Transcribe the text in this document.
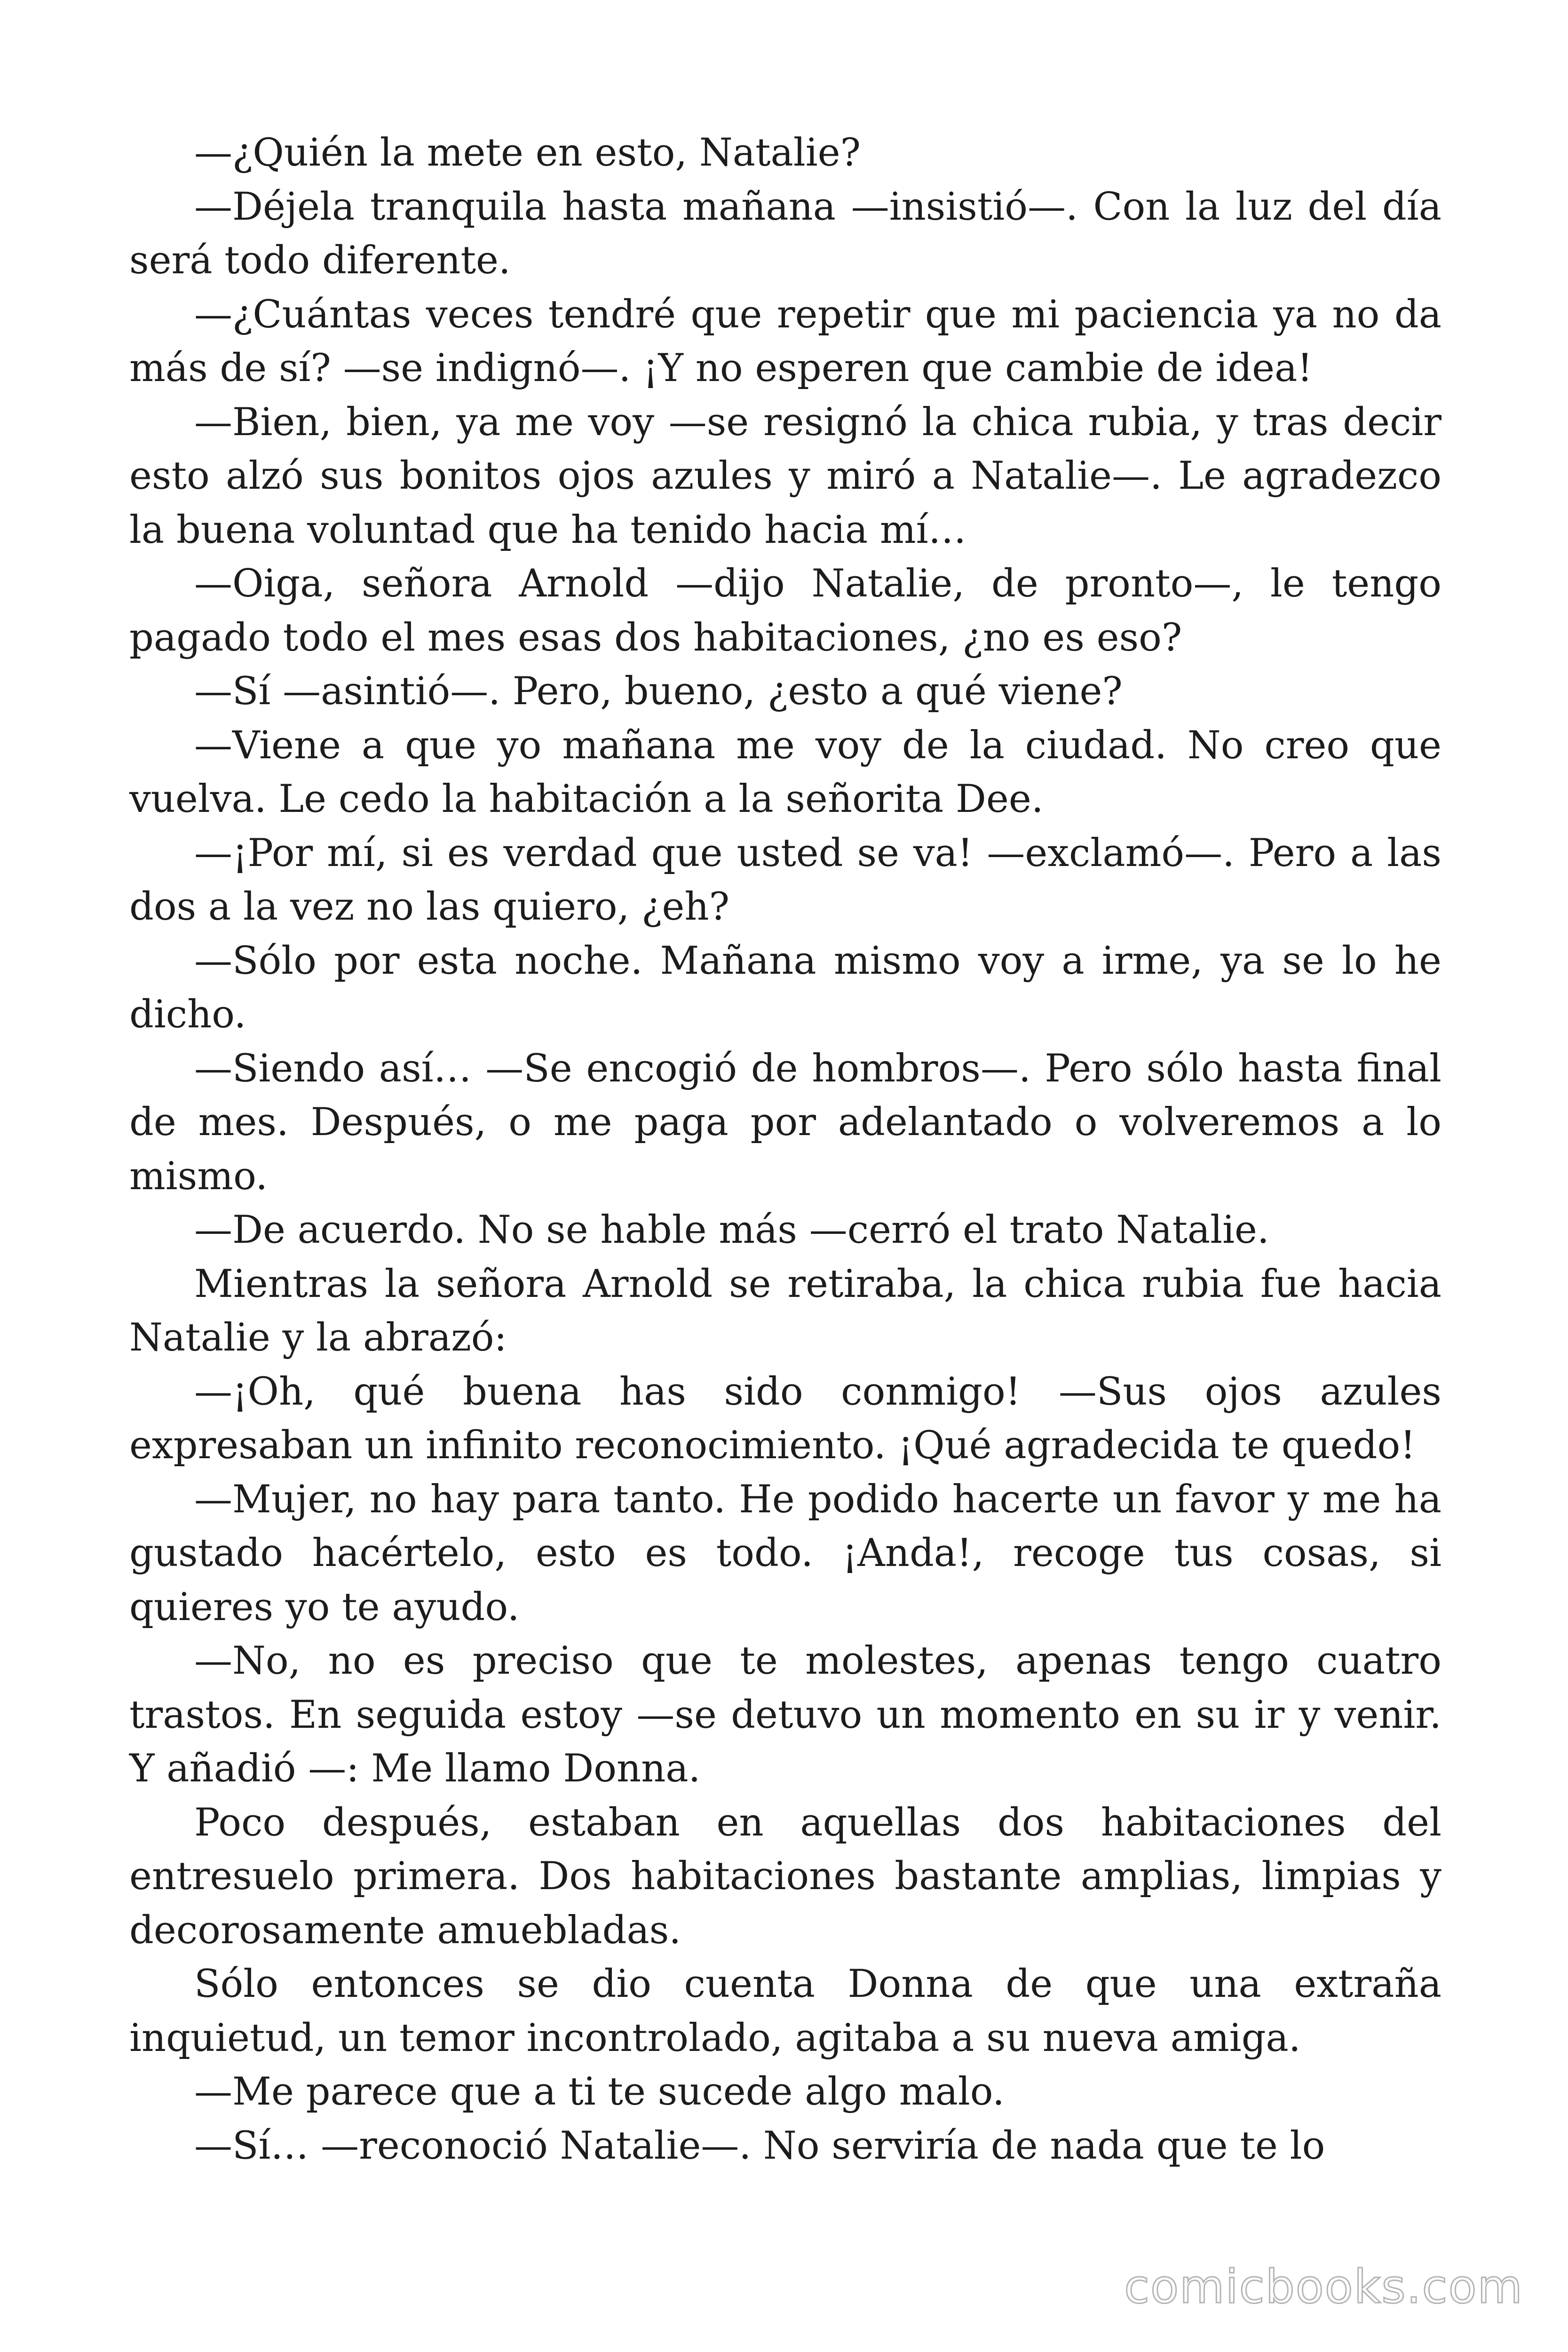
—¿Quién la mete en esto, Natalie?

—Déjela tranquila hasta mañana —insistió—. Con la luz del día será todo diferente.

—¿Cuántas veces tendré que repetir que mi paciencia ya no da más de sí? —se indignó—. ¡Y no esperen que cambie de idea!

—Bien, bien, ya me voy —se resignó la chica rubia, y tras decir esto alzó sus bonitos ojos azules y miró a Natalie—. Le agradezco la buena voluntad que ha tenido hacia mí…

—Oiga, señora Arnold —dijo Natalie, de pronto—, le tengo pagado todo el mes esas dos habitaciones, ¿no es eso?

—Sí —asintió—. Pero, bueno, ¿esto a qué viene?

—Viene a que yo mañana me voy de la ciudad. No creo que vuelva. Le cedo la habitación a la señorita Dee.

—¡Por mí, si es verdad que usted se va! —exclamó—. Pero a las dos a la vez no las quiero, ¿eh?

—Sólo por esta noche. Mañana mismo voy a irme, ya se lo he dicho.

—Siendo así… —Se encogió de hombros—. Pero sólo hasta final de mes. Después, o me paga por adelantado o volveremos a lo mismo.

—De acuerdo. No se hable más —cerró el trato Natalie.

Mientras la señora Arnold se retiraba, la chica rubia fue hacia Natalie y la abrazó:

—¡Oh, qué buena has sido conmigo! —Sus ojos azules expresaban un infinito reconocimiento. ¡Qué agradecida te quedo!

—Mujer, no hay para tanto. He podido hacerte un favor y me ha gustado hacértelo, esto es todo. ¡Anda!, recoge tus cosas, si quieres yo te ayudo.

—No, no es preciso que te molestes, apenas tengo cuatro trastos. En seguida estoy —se detuvo un momento en su ir y venir. Y añadió —: Me llamo Donna.

Poco después, estaban en aquellas dos habitaciones del entresuelo primera. Dos habitaciones bastante amplias, limpias y decorosamente amuebladas.

Sólo entonces se dio cuenta Donna de que una extraña inquietud, un temor incontrolado, agitaba a su nueva amiga.

—Me parece que a ti te sucede algo malo.

—Sí… —reconoció Natalie—. No serviría de nada que te lo

comicbooks.com
